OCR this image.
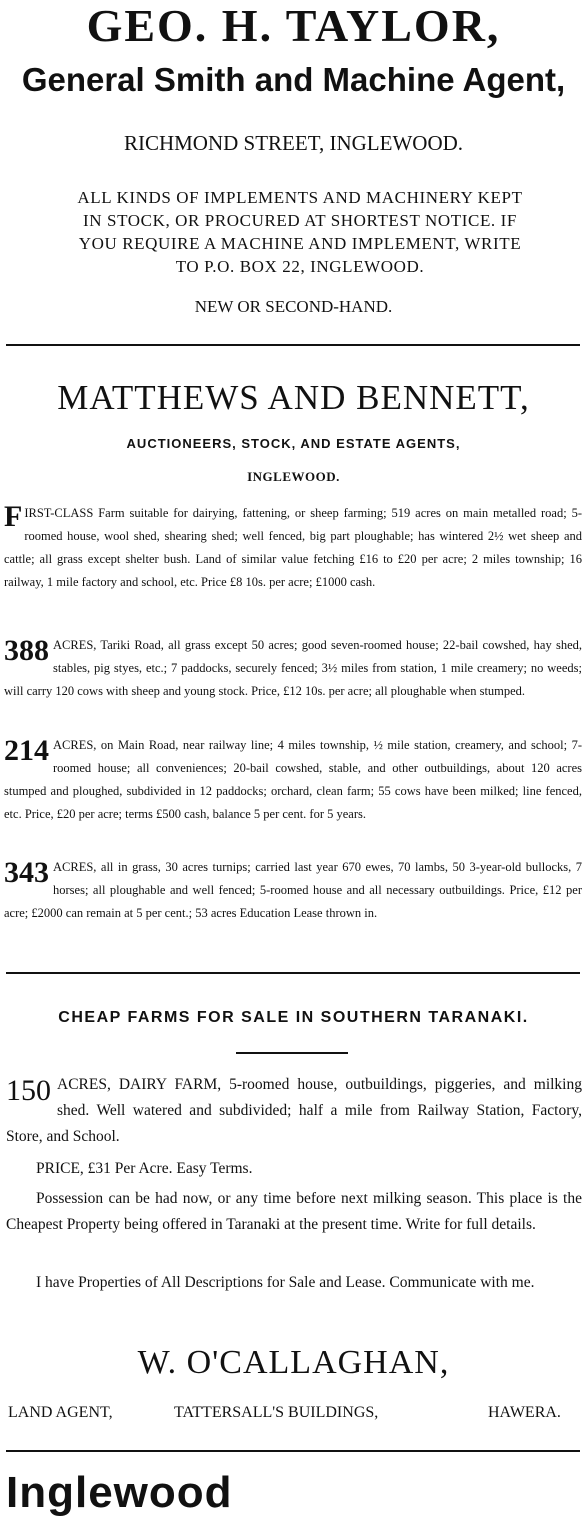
GEO. H. TAYLOR,
General Smith and Machine Agent,
RICHMOND STREET, INGLEWOOD.
ALL KINDS OF IMPLEMENTS AND MACHINERY KEPT
IN STOCK, OR PROCURED AT SHORTEST NOTICE. IF
YOU REQUIRE A MACHINE AND IMPLEMENT, WRITE
TO P.O. BOX 22, INGLEWOOD.
NEW OR SECOND-HAND.
MATTHEWS AND BENNETT,
AUCTIONEERS, STOCK, AND ESTATE AGENTS,
INGLEWOOD.
FIRST-CLASS Farm suitable for dairying, fattening, or sheep farming; 519 acres on main metalled road; 5-roomed house, wool shed, shearing shed; well fenced, big part ploughable; has wintered 2½ wet sheep and cattle; all grass except shelter bush. Land of similar value fetching £16 to £20 per acre; 2 miles township; 16 railway, 1 mile factory and school, etc. Price £8 10s. per acre; £1000 cash.
388 ACRES, Tariki Road, all grass except 50 acres; good seven-roomed house; 22-bail cowshed, hay shed, stables, pig styes, etc.; 7 paddocks, securely fenced; 3½ miles from station, 1 mile creamery; no weeds; will carry 120 cows with sheep and young stock. Price, £12 10s. per acre; all ploughable when stumped.
214 ACRES, on Main Road, near railway line; 4 miles township, ½ mile station, creamery, and school; 7-roomed house; all conveniences; 20-bail cowshed, stable, and other outbuildings, about 120 acres stumped and ploughed, subdivided in 12 paddocks; orchard, clean farm; 55 cows have been milked; line fenced, etc. Price, £20 per acre; terms £500 cash, balance 5 per cent. for 5 years.
343 ACRES, all in grass, 30 acres turnips; carried last year 670 ewes, 70 lambs, 50 3-year-old bullocks, 7 horses; all ploughable and well fenced; 5-roomed house and all necessary outbuildings. Price, £12 per acre; £2000 can remain at 5 per cent.; 53 acres Education Lease thrown in.
CHEAP FARMS FOR SALE IN SOUTHERN TARANAKI.
150 ACRES, DAIRY FARM, 5-roomed house, outbuildings, piggeries, and milking shed. Well watered and subdivided; half a mile from Railway Station, Factory, Store, and School.
PRICE, £31 Per Acre. Easy Terms.
Possession can be had now, or any time before next milking season. This place is the Cheapest Property being offered in Taranaki at the present time. Write for full details.
I have Properties of All Descriptions for Sale and Lease. Communicate with me.
W. O'CALLAGHAN,
LAND AGENT,	TATTERSALL'S BUILDINGS,	HAWERA.
Inglewood
